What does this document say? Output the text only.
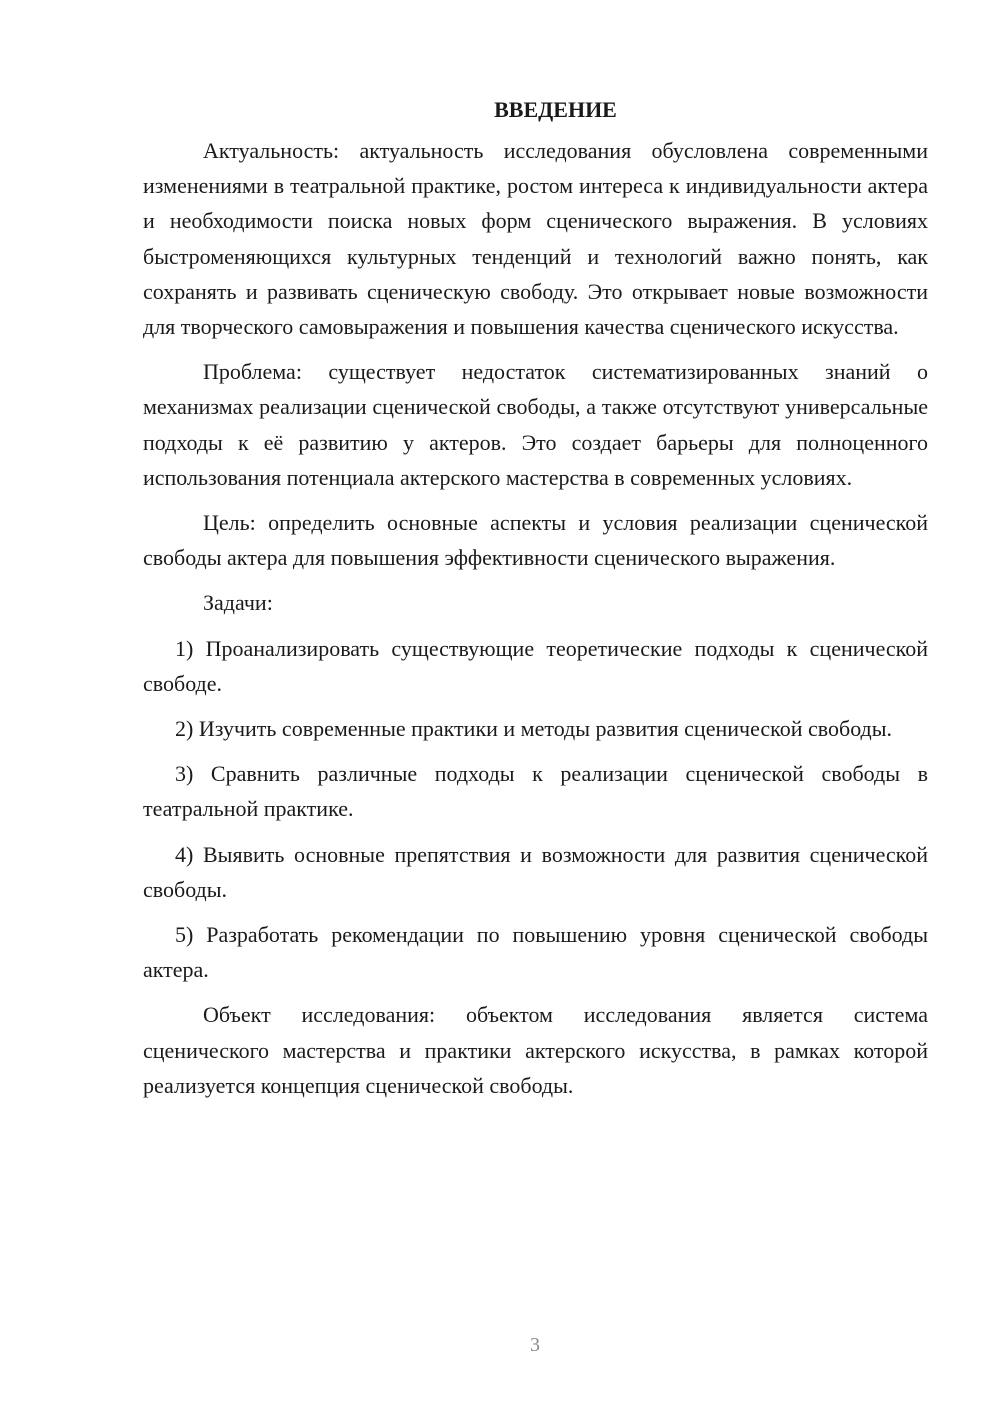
ВВЕДЕНИЕ

Актуальность: актуальность исследования обусловлена современными изменениями в театральной практике, ростом интереса к индивидуальности актера и необходимости поиска новых форм сценического выражения. В условиях быстроменяющихся культурных тенденций и технологий важно понять, как сохранять и развивать сценическую свободу. Это открывает новые возможности для творческого самовыражения и повышения качества сценического искусства.

Проблема: существует недостаток систематизированных знаний о механизмах реализации сценической свободы, а также отсутствуют универсальные подходы к её развитию у актеров. Это создает барьеры для полноценного использования потенциала актерского мастерства в современных условиях.

Цель: определить основные аспекты и условия реализации сценической свободы актера для повышения эффективности сценического выражения.

Задачи:

1) Проанализировать существующие теоретические подходы к сценической свободе.

2) Изучить современные практики и методы развития сценической свободы.

3) Сравнить различные подходы к реализации сценической свободы в театральной практике.

4) Выявить основные препятствия и возможности для развития сценической свободы.

5) Разработать рекомендации по повышению уровня сценической свободы актера.

Объект исследования: объектом исследования является система сценического мастерства и практики актерского искусства, в рамках которой реализуется концепция сценической свободы.

3
